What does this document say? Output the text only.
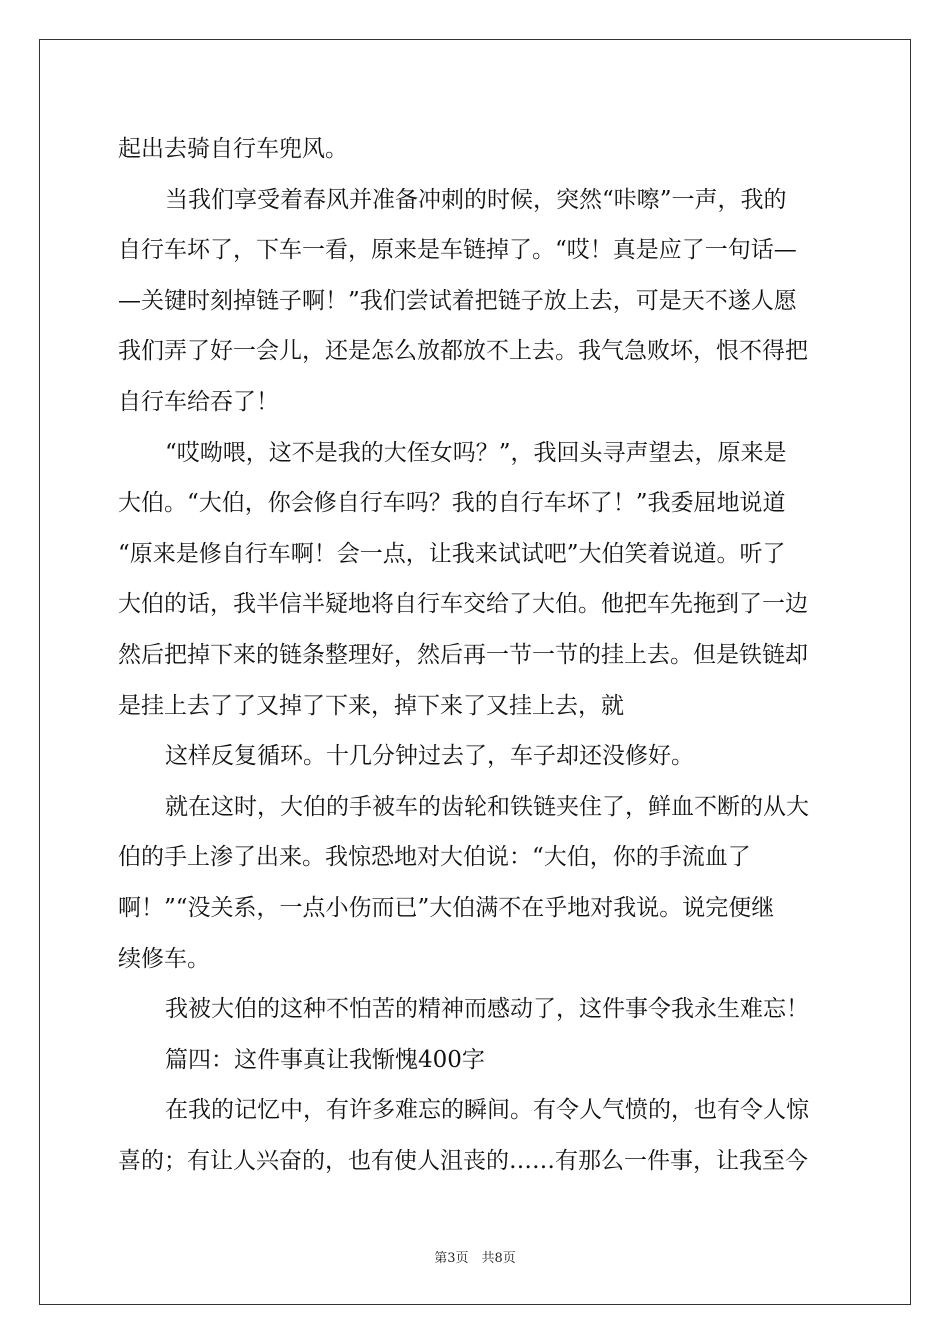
起出去骑自行车兜风。
当我们享受着春风并准备冲刺的时候，突然“咔嚓”一声，我的
自行车坏了，下车一看，原来是车链掉了。“哎！真是应了一句话—
—关键时刻掉链子啊！”我们尝试着把链子放上去，可是天不遂人愿
我们弄了好一会儿，还是怎么放都放不上去。我气急败坏，恨不得把
自行车给吞了！
“哎呦喂，这不是我的大侄女吗？”，我回头寻声望去，原来是
大伯。“大伯，你会修自行车吗？我的自行车坏了！”我委屈地说道
“原来是修自行车啊！会一点，让我来试试吧”大伯笑着说道。听了
大伯的话，我半信半疑地将自行车交给了大伯。他把车先拖到了一边
然后把掉下来的链条整理好，然后再一节一节的挂上去。但是铁链却
是挂上去了了又掉了下来，掉下来了又挂上去，就
这样反复循环。十几分钟过去了，车子却还没修好。
就在这时，大伯的手被车的齿轮和铁链夹住了，鲜血不断的从大
伯的手上渗了出来。我惊恐地对大伯说：“大伯，你的手流血了
啊！”“没关系，一点小伤而已”大伯满不在乎地对我说。说完便继
续修车。
我被大伯的这种不怕苦的精神而感动了，这件事令我永生难忘！
篇四：这件事真让我惭愧400字
在我的记忆中，有许多难忘的瞬间。有令人气愤的，也有令人惊
喜的；有让人兴奋的，也有使人沮丧的……有那么一件事，让我至今
第3页　共8页
